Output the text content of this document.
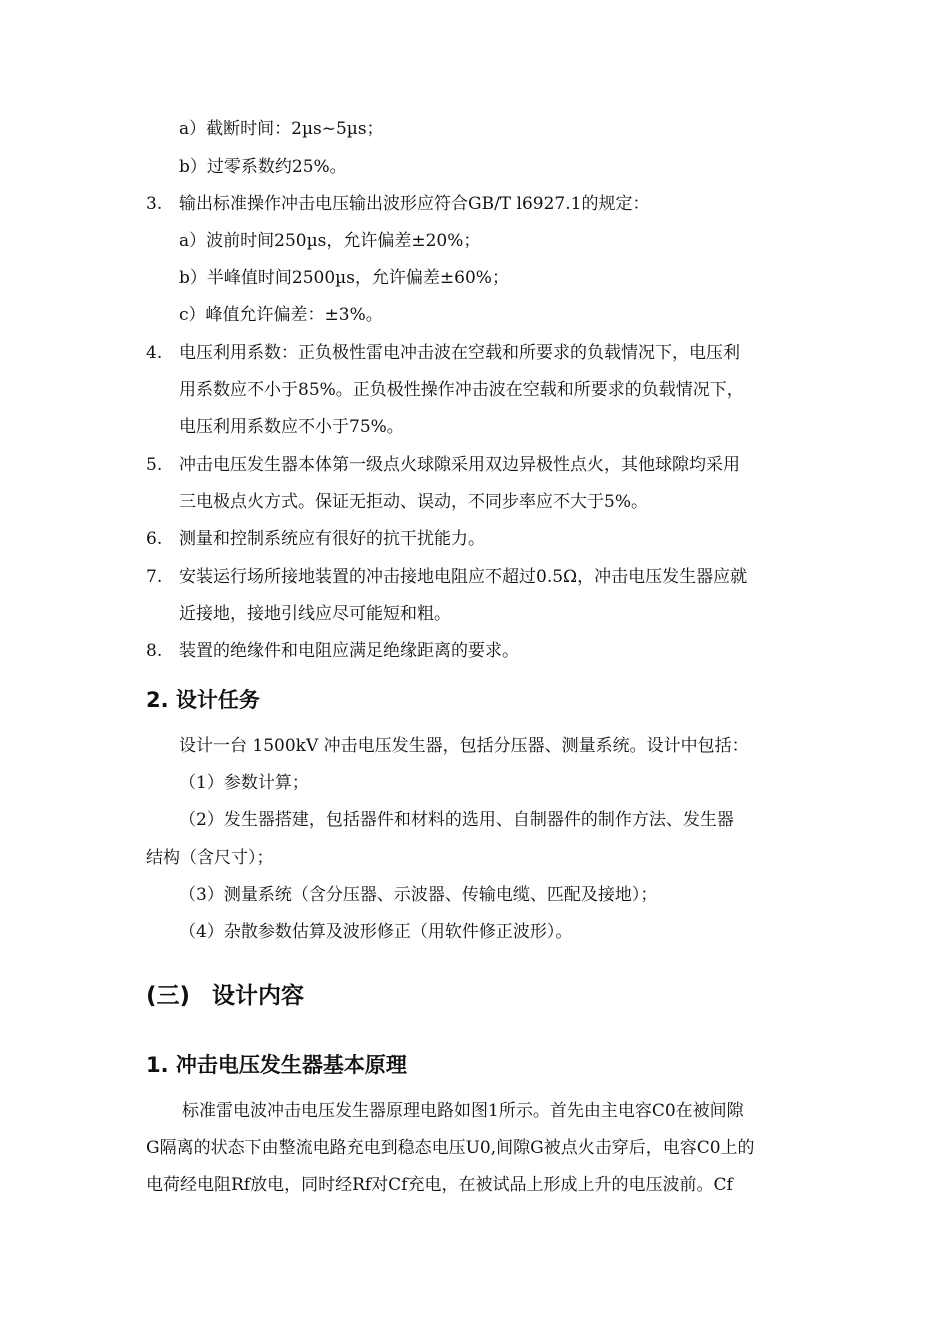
a）截断时间：2µs~5µs；
b）过零系数约25%。
3. 输出标准操作冲击电压输出波形应符合GB/T l6927.1的规定：
a）波前时间250µs，允许偏差±20%；
b）半峰值时间2500µs，允许偏差±60%；
c）峰值允许偏差：±3%。
4. 电压利用系数：正负极性雷电冲击波在空载和所要求的负载情况下，电压利
用系数应不小于85%。正负极性操作冲击波在空载和所要求的负载情况下，
电压利用系数应不小于75%。
5. 冲击电压发生器本体第一级点火球隙采用双边异极性点火，其他球隙均采用
三电极点火方式。保证无拒动、误动，不同步率应不大于5%。
6. 测量和控制系统应有很好的抗干扰能力。
7. 安装运行场所接地装置的冲击接地电阻应不超过0.5Ω，冲击电压发生器应就
近接地，接地引线应尽可能短和粗。
8. 装置的绝缘件和电阻应满足绝缘距离的要求。
2. 设计任务
设计一台 1500kV 冲击电压发生器，包括分压器、测量系统。设计中包括：
（1）参数计算；
（2）发生器搭建，包括器件和材料的选用、自制器件的制作方法、发生器
结构（含尺寸）；
（3）测量系统（含分压器、示波器、传输电缆、匹配及接地）；
（4）杂散参数估算及波形修正（用软件修正波形）。
(三) 设计内容
1. 冲击电压发生器基本原理
标准雷电波冲击电压发生器原理电路如图1所示。首先由主电容C0在被间隙
G隔离的状态下由整流电路充电到稳态电压U0,间隙G被点火击穿后，电容C0上的
电荷经电阻Rf放电，同时经Rf对Cf充电，在被试品上形成上升的电压波前。Cf
